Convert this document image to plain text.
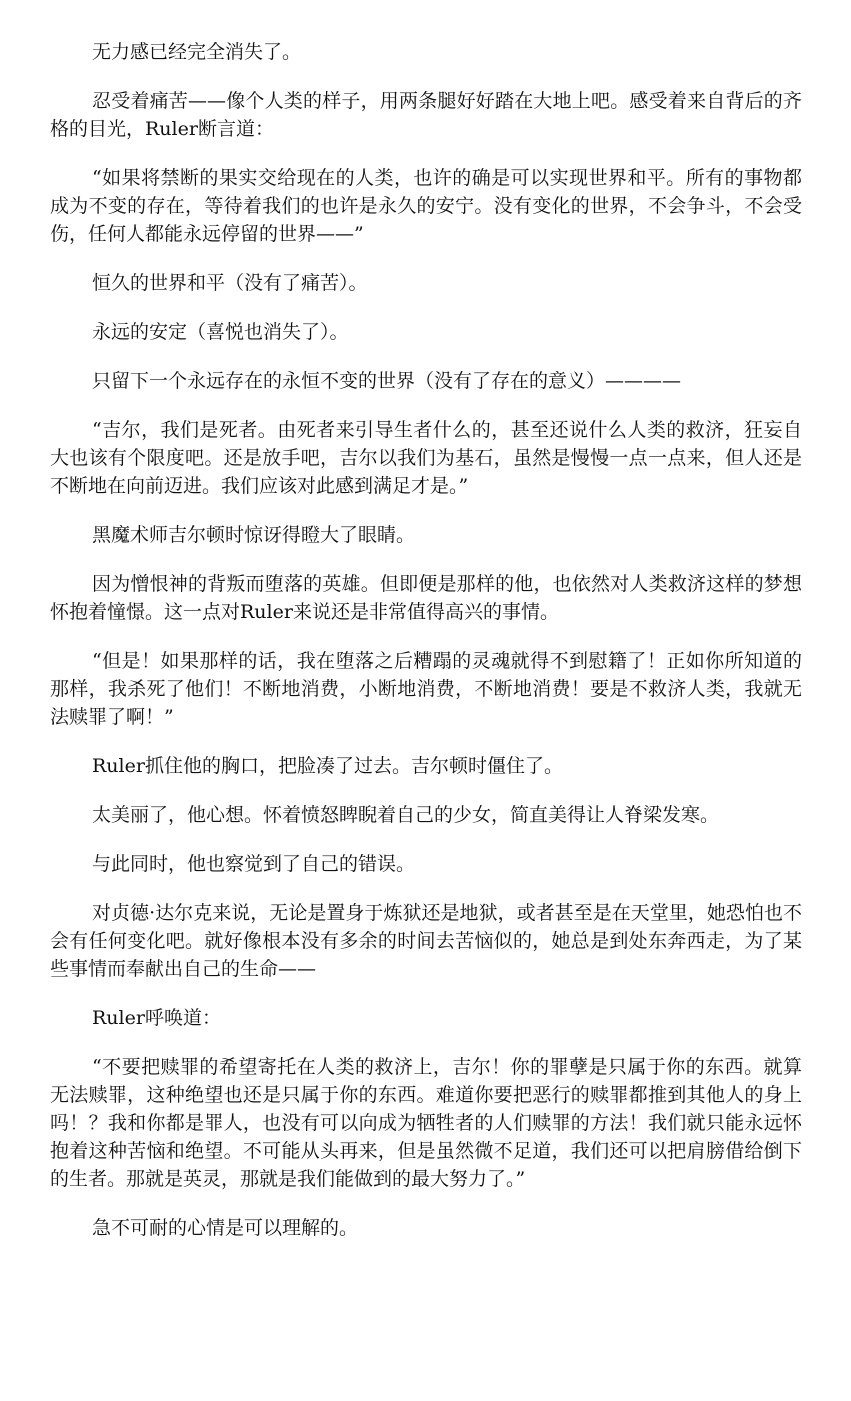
无力感已经完全消失了。

忍受着痛苦——像个人类的样子，用两条腿好好踏在大地上吧。感受着来自背后的齐格的目光，Ruler断言道：

“如果将禁断的果实交给现在的人类，也许的确是可以实现世界和平。所有的事物都成为不变的存在，等待着我们的也许是永久的安宁。没有变化的世界，不会争斗，不会受伤，任何人都能永远停留的世界——”

恒久的世界和平（没有了痛苦）。

永远的安定（喜悦也消失了）。

只留下一个永远存在的永恒不变的世界（没有了存在的意义）————

“吉尔，我们是死者。由死者来引导生者什么的，甚至还说什么人类的救济，狂妄自大也该有个限度吧。还是放手吧，吉尔以我们为基石，虽然是慢慢一点一点来，但人还是不断地在向前迈进。我们应该对此感到满足才是。”

黑魔术师吉尔顿时惊讶得瞪大了眼睛。

因为憎恨神的背叛而堕落的英雄。但即便是那样的他，也依然对人类救济这样的梦想怀抱着憧憬。这一点对Ruler来说还是非常值得高兴的事情。

“但是！如果那样的话，我在堕落之后糟蹋的灵魂就得不到慰籍了！正如你所知道的那样，我杀死了他们！不断地消费，小断地消费，不断地消费！要是不救济人类，我就无法赎罪了啊！”

Ruler抓住他的胸口，把脸凑了过去。吉尔顿时僵住了。

太美丽了，他心想。怀着愤怒睥睨着自己的少女，简直美得让人脊梁发寒。

与此同时，他也察觉到了自己的错误。

对贞德·达尔克来说，无论是置身于炼狱还是地狱，或者甚至是在天堂里，她恐怕也不会有任何变化吧。就好像根本没有多余的时间去苦恼似的，她总是到处东奔西走，为了某些事情而奉献出自己的生命——

Ruler呼唤道：

“不要把赎罪的希望寄托在人类的救济上，吉尔！你的罪孽是只属于你的东西。就算无法赎罪，这种绝望也还是只属于你的东西。难道你要把恶行的赎罪都推到其他人的身上吗！？我和你都是罪人，也没有可以向成为牺牲者的人们赎罪的方法！我们就只能永远怀抱着这种苦恼和绝望。不可能从头再来，但是虽然微不足道，我们还可以把肩膀借给倒下的生者。那就是英灵，那就是我们能做到的最大努力了。”

急不可耐的心情是可以理解的。
